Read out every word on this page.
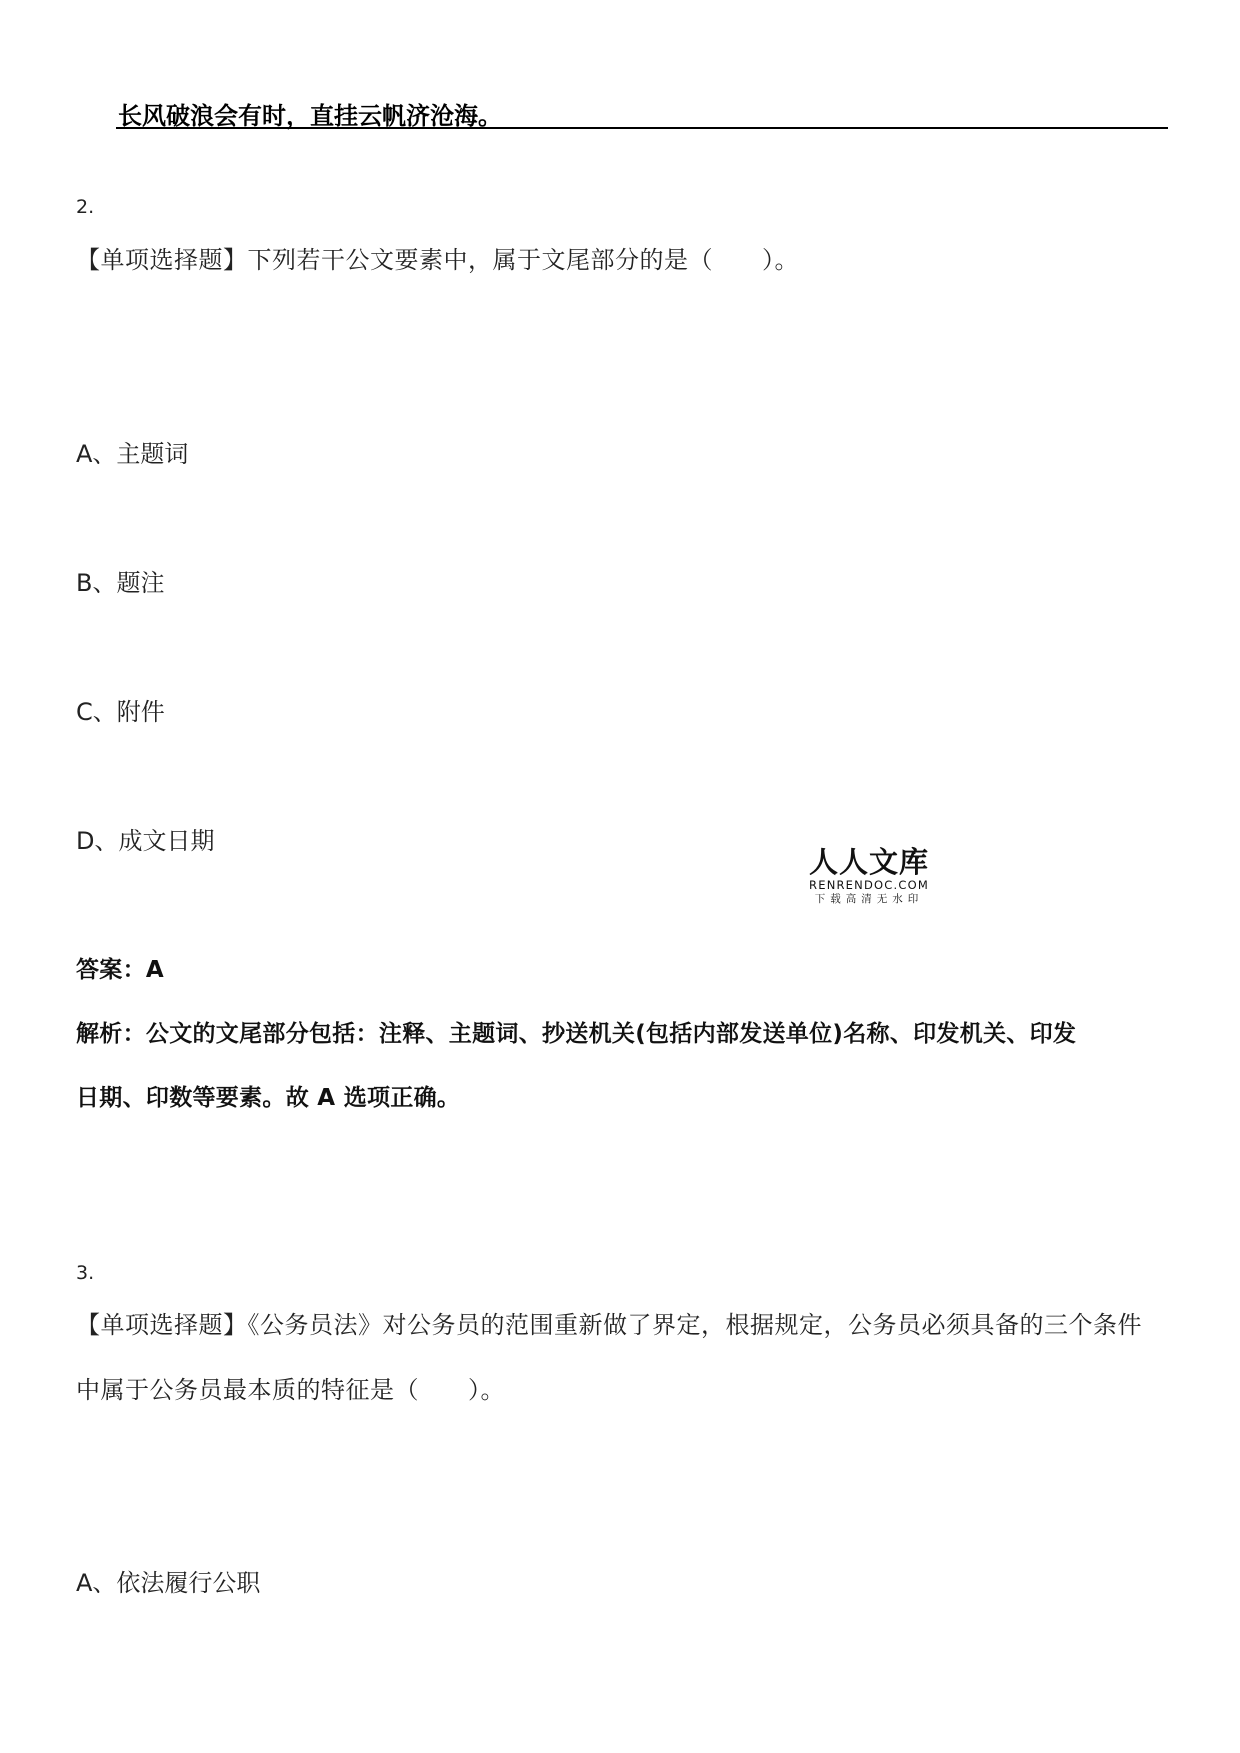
长风破浪会有时，直挂云帆济沧海。
2.
【单项选择题】下列若干公文要素中，属于文尾部分的是（　　）。
A、主题词
B、题注
C、附件
D、成文日期
答案：A
解析：公文的文尾部分包括：注释、主题词、抄送机关(包括内部发送单位)名称、印发机关、印发
日期、印数等要素。故 A 选项正确。
人人文库
RENRENDOC.COM
下载高清无水印
3.
【单项选择题】《公务员法》对公务员的范围重新做了界定，根据规定，公务员必须具备的三个条件
中属于公务员最本质的特征是（　　）。
A、依法履行公职
